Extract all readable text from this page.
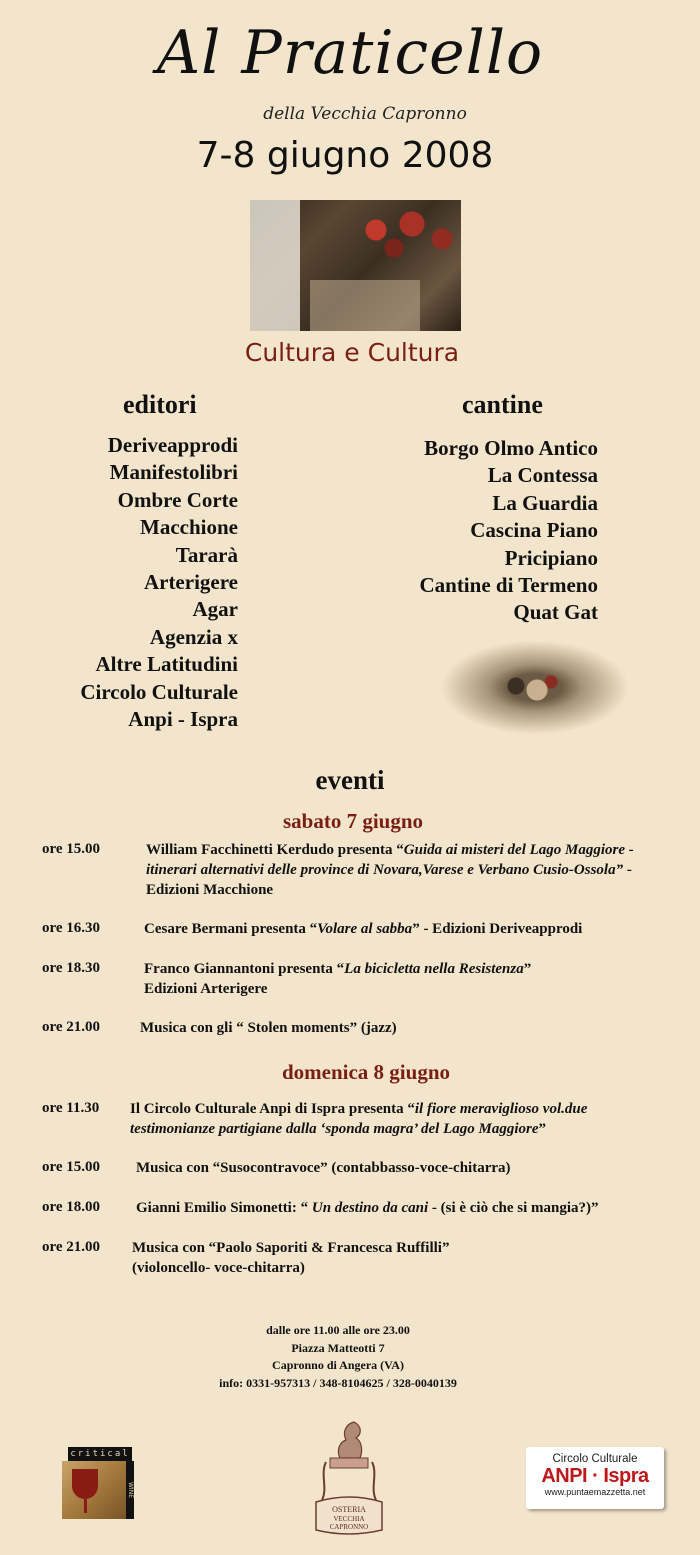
Al Praticello
della Vecchia Capronno
7-8 giugno 2008
Cultura e Cultura
editori	cantine
Deriveapprodi
Manifestolibri
Ombre Corte
Macchione
Tararà
Arterigere
Agar
Agenzia x
Altre Latitudini
Circolo Culturale
Anpi - Ispra
Borgo Olmo Antico
La Contessa
La Guardia
Cascina Piano
Pricipiano
Cantine di Termeno
Quat Gat
eventi
sabato 7 giugno
ore 15.00	William Facchinetti Kerdudo presenta “Guida ai misteri del Lago Maggiore -itinerari alternativi delle province di Novara,Varese e Verbano Cusio-Ossola” - Edizioni Macchione
ore 16.30	Cesare Bermani presenta “Volare al sabba” - Edizioni Deriveapprodi
ore 18.30	Franco Giannantoni presenta “La bicicletta nella Resistenza” Edizioni Arterigere
ore 21.00	Musica con gli “ Stolen moments” (jazz)
domenica 8 giugno
ore 11.30 Il Circolo Culturale Anpi di Ispra presenta “il fiore meraviglioso vol.due testimonianze partigiane dalla ‘sponda magra’ del Lago Maggiore”
ore 15.00 Musica con “Susocontravoce” (contabbasso-voce-chitarra)
ore 18.00 Gianni Emilio Simonetti: “ Un destino da cani - (si è ciò che si mangia?)”
ore 21.00 Musica con “Paolo Saporiti & Francesca Ruffilli” (violoncello- voce-chitarra)
dalle ore 11.00 alle ore 23.00
Piazza Matteotti 7
Capronno di Angera (VA)
info: 0331-957313 / 348-8104625 / 328-0040139
critical
WINE
OSTERIA
VECCHIA
CAPRONNO
Circolo Culturale
ANPI · Ispra
www.puntaemazzetta.net
